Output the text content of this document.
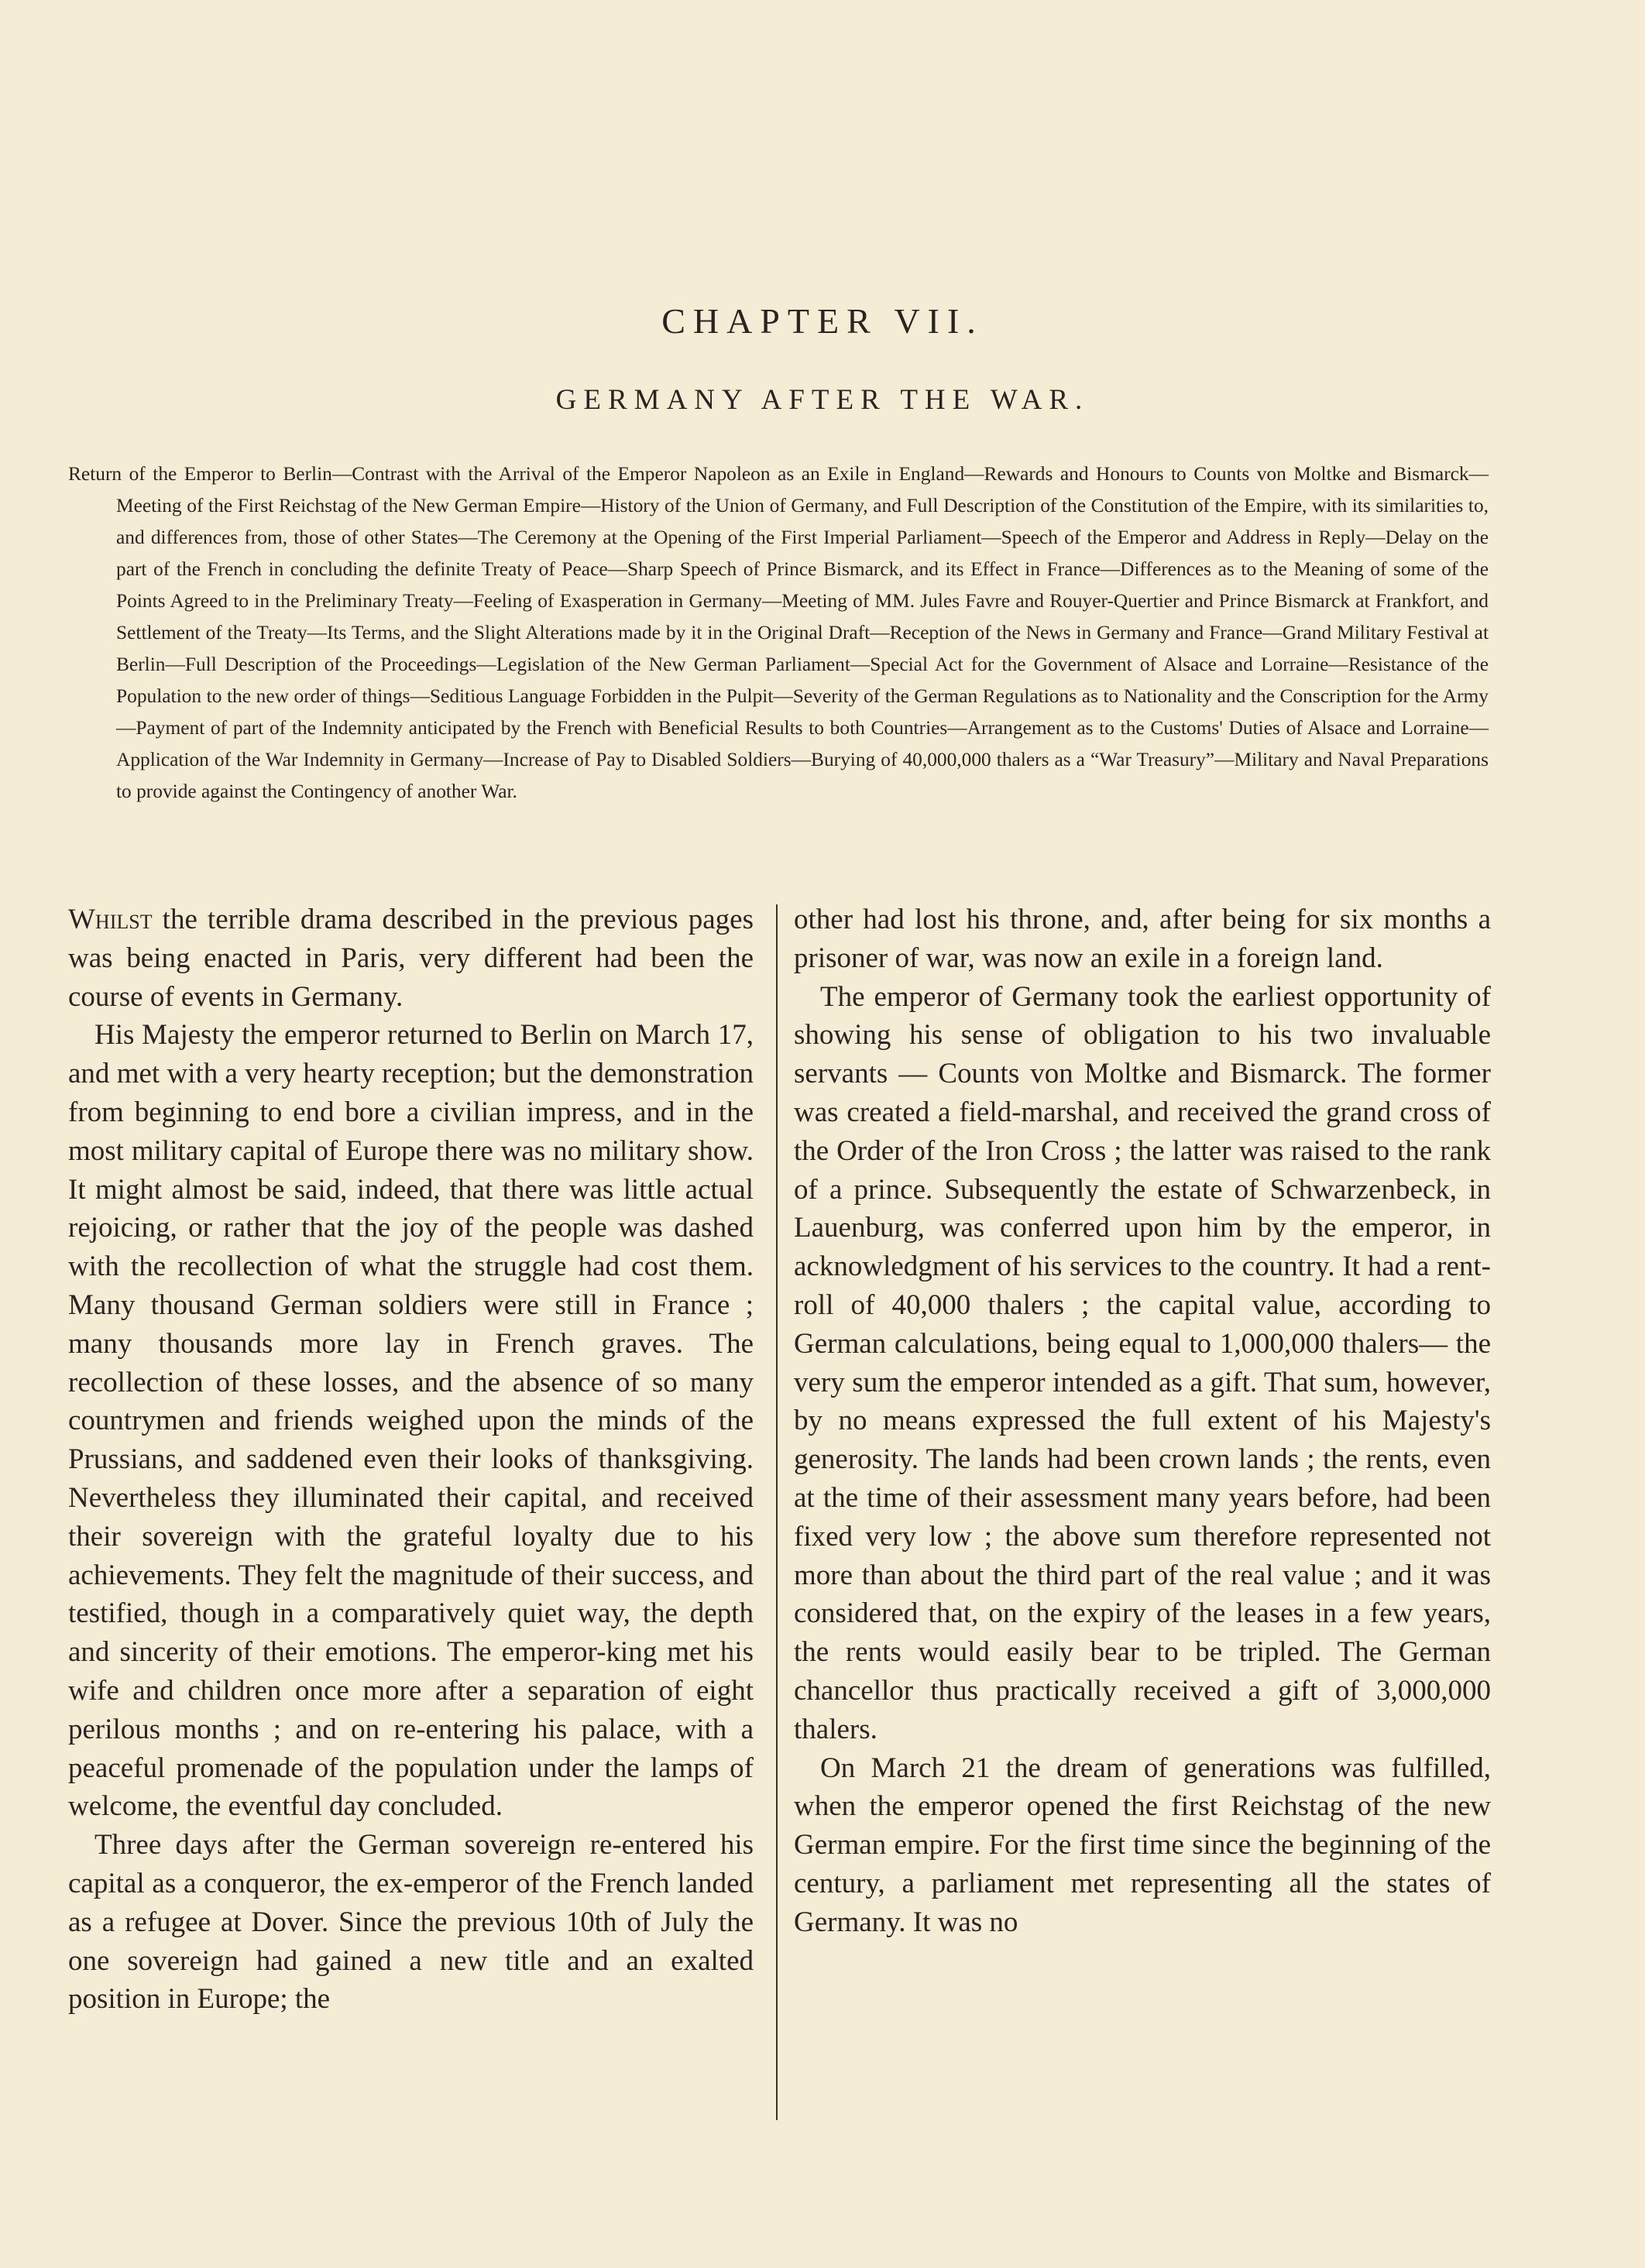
CHAPTER VII.
GERMANY AFTER THE WAR.
Return of the Emperor to Berlin—Contrast with the Arrival of the Emperor Napoleon as an Exile in England—Rewards and Honours to Counts von Moltke and Bismarck—Meeting of the First Reichstag of the New German Empire—History of the Union of Germany, and Full Description of the Constitution of the Empire, with its similarities to, and differences from, those of other States—The Ceremony at the Opening of the First Imperial Parliament—Speech of the Emperor and Address in Reply—Delay on the part of the French in concluding the definite Treaty of Peace—Sharp Speech of Prince Bismarck, and its Effect in France—Differences as to the Meaning of some of the Points Agreed to in the Preliminary Treaty—Feeling of Exasperation in Germany—Meeting of MM. Jules Favre and Rouyer-Quertier and Prince Bismarck at Frankfort, and Settlement of the Treaty—Its Terms, and the Slight Alterations made by it in the Original Draft—Reception of the News in Germany and France—Grand Military Festival at Berlin—Full Description of the Proceedings—Legislation of the New German Parliament—Special Act for the Government of Alsace and Lorraine—Resistance of the Population to the new order of things—Seditious Language Forbidden in the Pulpit—Severity of the German Regulations as to Nationality and the Conscription for the Army—Payment of part of the Indemnity anticipated by the French with Beneficial Results to both Countries—Arrangement as to the Customs' Duties of Alsace and Lorraine—Application of the War Indemnity in Germany—Increase of Pay to Disabled Soldiers—Burying of 40,000,000 thalers as a “War Treasury”—Military and Naval Preparations to provide against the Contingency of another War.

Whilst the terrible drama described in the previous pages was being enacted in Paris, very different had been the course of events in Germany.

His Majesty the emperor returned to Berlin on March 17, and met with a very hearty reception; but the demonstration from beginning to end bore a civilian impress, and in the most military capital of Europe there was no military show. It might almost be said, indeed, that there was little actual rejoicing, or rather that the joy of the people was dashed with the recollection of what the struggle had cost them. Many thousand German soldiers were still in France ; many thousands more lay in French graves. The recollection of these losses, and the absence of so many countrymen and friends weighed upon the minds of the Prussians, and saddened even their looks of thanksgiving. Nevertheless they illuminated their capital, and received their sovereign with the grateful loyalty due to his achievements. They felt the magnitude of their success, and testified, though in a comparatively quiet way, the depth and sincerity of their emotions. The emperor-king met his wife and children once more after a separation of eight perilous months ; and on re-entering his palace, with a peaceful promenade of the population under the lamps of welcome, the eventful day concluded.

Three days after the German sovereign re-entered his capital as a conqueror, the ex-emperor of the French landed as a refugee at Dover. Since the previous 10th of July the one sovereign had gained a new title and an exalted position in Europe; the

other had lost his throne, and, after being for six months a prisoner of war, was now an exile in a foreign land.

The emperor of Germany took the earliest opportunity of showing his sense of obligation to his two invaluable servants — Counts von Moltke and Bismarck. The former was created a field-marshal, and received the grand cross of the Order of the Iron Cross ; the latter was raised to the rank of a prince. Subsequently the estate of Schwarzenbeck, in Lauenburg, was conferred upon him by the emperor, in acknowledgment of his services to the country. It had a rent-roll of 40,000 thalers ; the capital value, according to German calculations, being equal to 1,000,000 thalers— the very sum the emperor intended as a gift. That sum, however, by no means expressed the full extent of his Majesty's generosity. The lands had been crown lands ; the rents, even at the time of their assessment many years before, had been fixed very low ; the above sum therefore represented not more than about the third part of the real value ; and it was considered that, on the expiry of the leases in a few years, the rents would easily bear to be tripled. The German chancellor thus practically received a gift of 3,000,000 thalers.

On March 21 the dream of generations was fulfilled, when the emperor opened the first Reichstag of the new German empire. For the first time since the beginning of the century, a parliament met representing all the states of Germany. It was no
